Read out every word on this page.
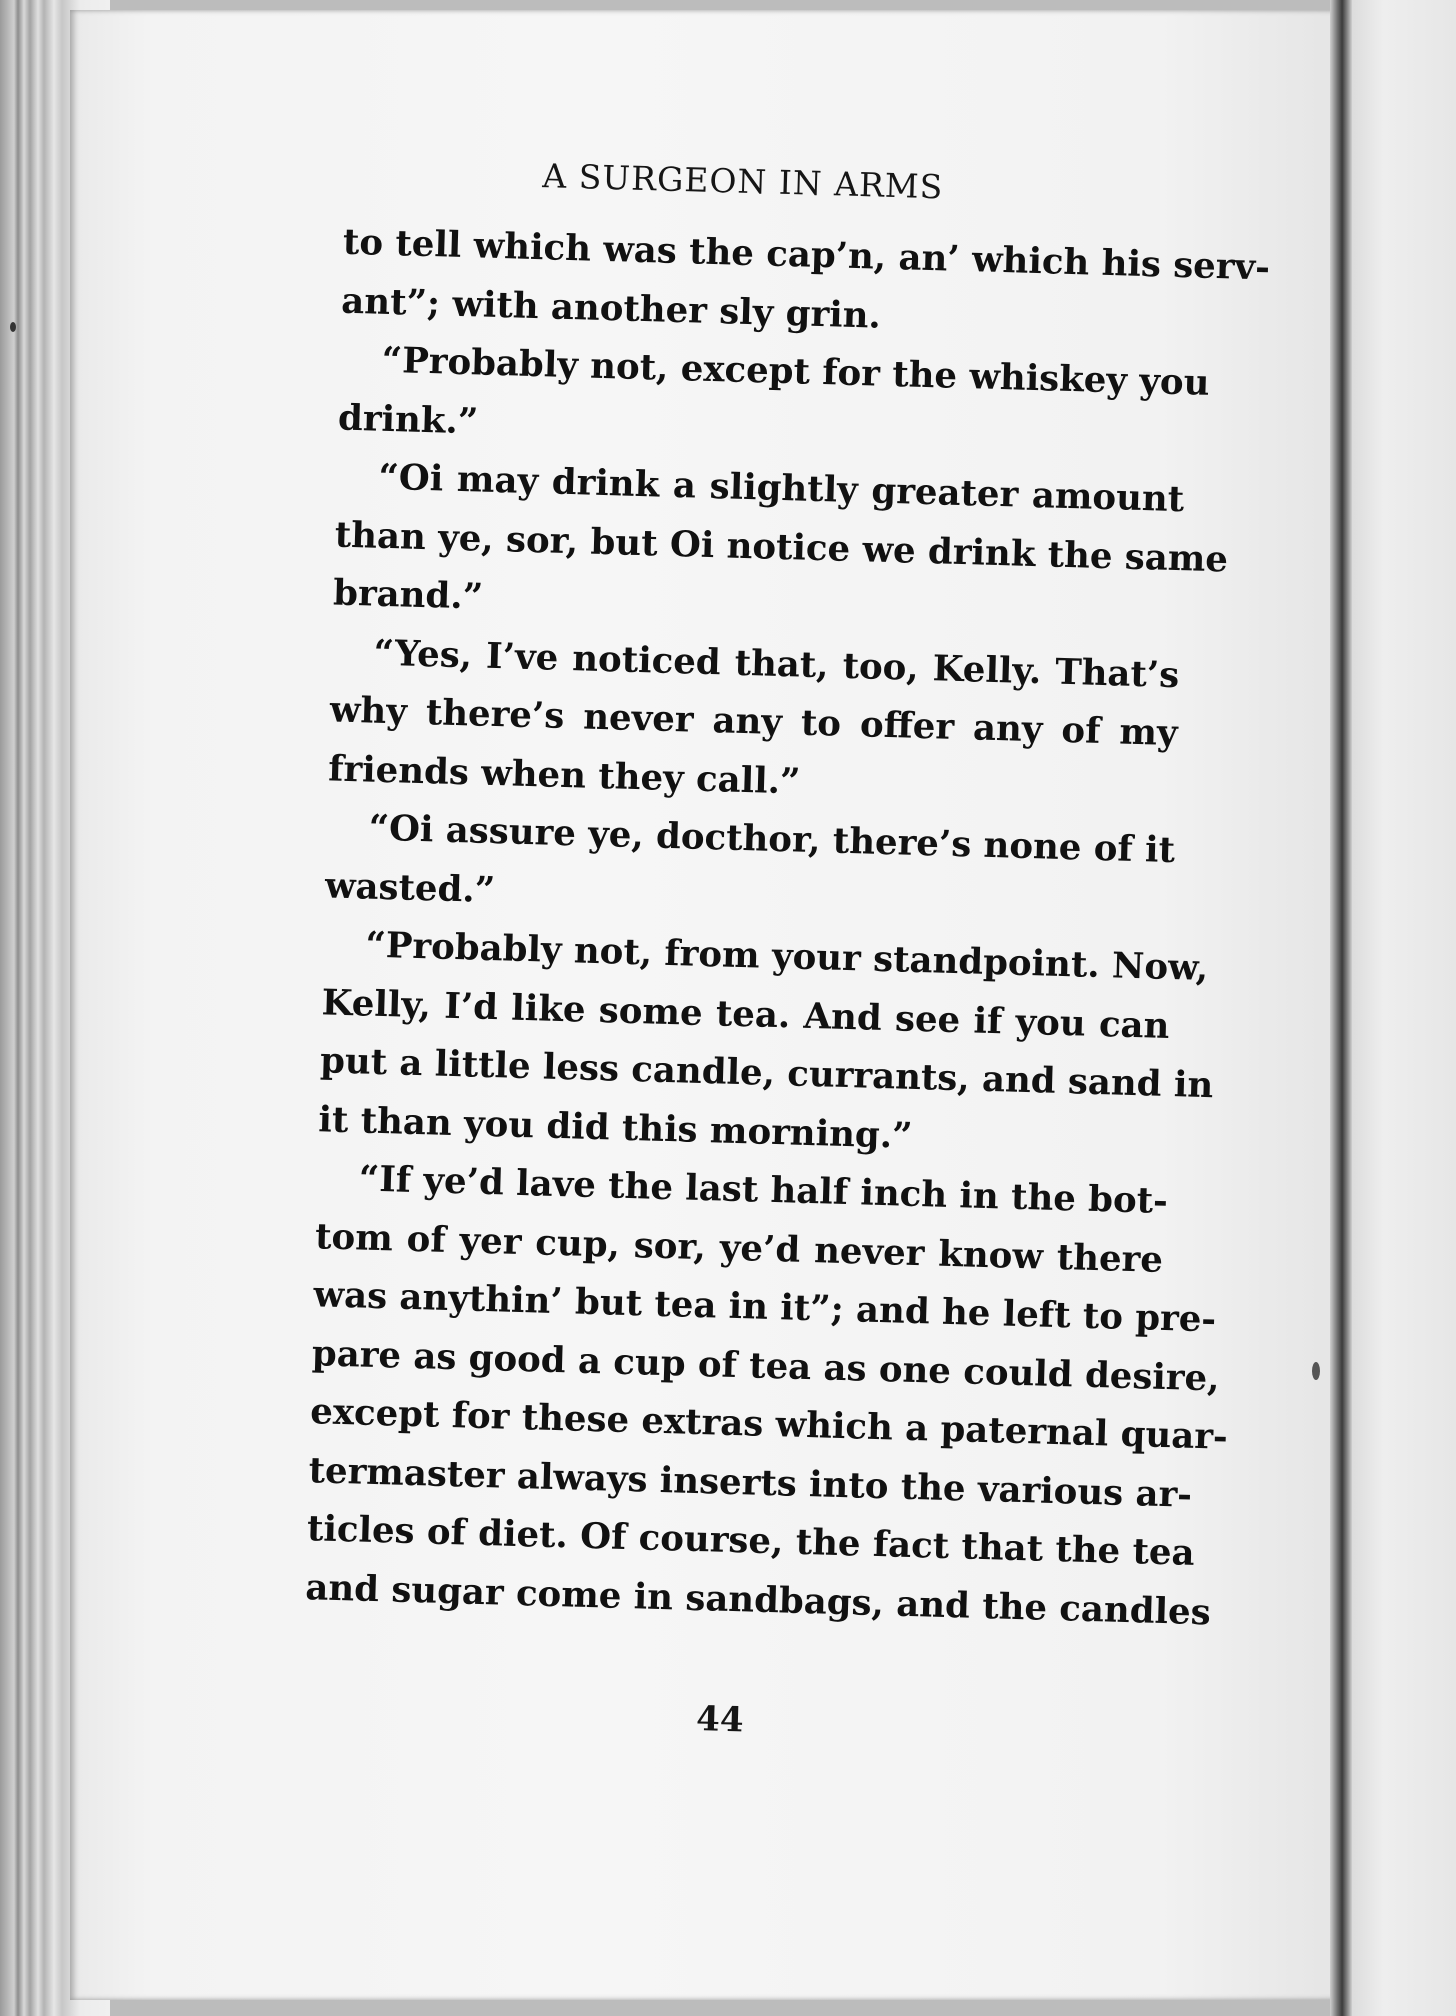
A SURGEON IN ARMS
to tell which was the cap’n, an’ which his serv-
ant”; with another sly grin.
“Probably not, except for the whiskey you
drink.”
“Oi may drink a slightly greater amount
than ye, sor, but Oi notice we drink the same
brand.”
“Yes, I’ve noticed that, too, Kelly. That’s
why there’s never any to offer any of my
friends when they call.”
“Oi assure ye, docthor, there’s none of it
wasted.”
“Probably not, from your standpoint. Now,
Kelly, I’d like some tea. And see if you can
put a little less candle, currants, and sand in
it than you did this morning.”
“If ye’d lave the last half inch in the bot-
tom of yer cup, sor, ye’d never know there
was anythin’ but tea in it”; and he left to pre-
pare as good a cup of tea as one could desire,
except for these extras which a paternal quar-
termaster always inserts into the various ar-
ticles of diet. Of course, the fact that the tea
and sugar come in sandbags, and the candles
44
